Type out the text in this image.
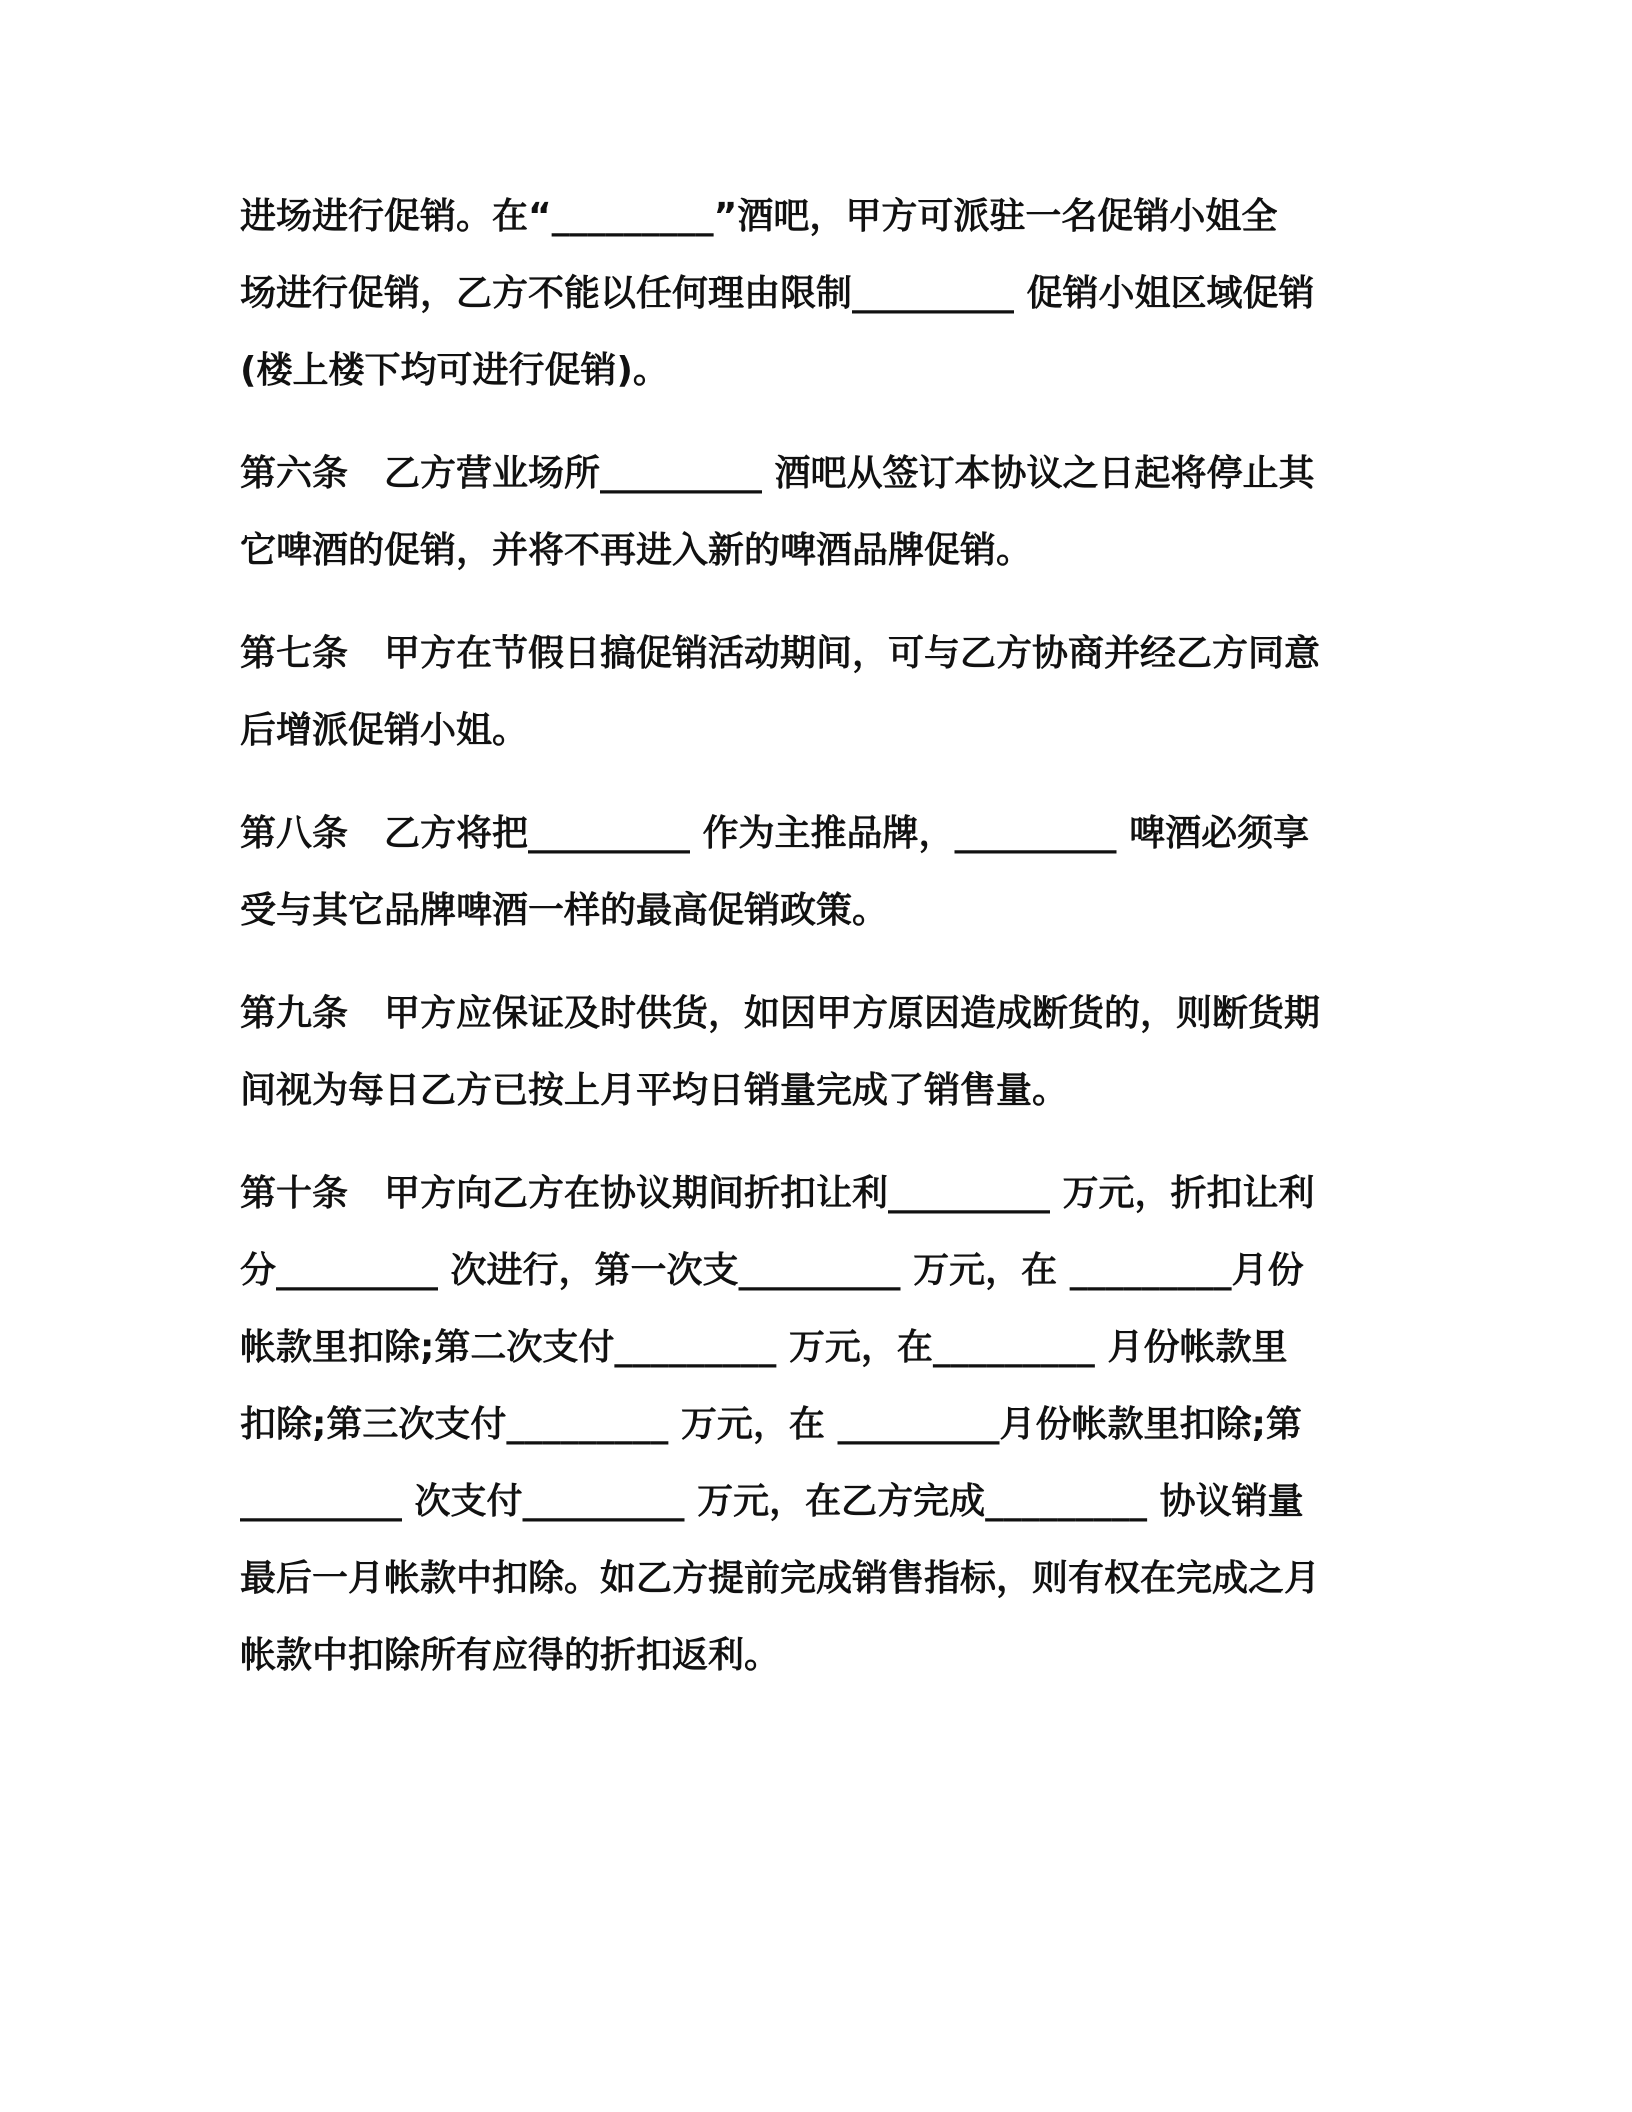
进场进行促销。在“_________”酒吧，甲方可派驻一名促销小姐全
场进行促销，乙方不能以任何理由限制_________ 促销小姐区域促销
(楼上楼下均可进行促销)。
第六条　乙方营业场所_________ 酒吧从签订本协议之日起将停止其
它啤酒的促销，并将不再进入新的啤酒品牌促销。
第七条　甲方在节假日搞促销活动期间，可与乙方协商并经乙方同意
后增派促销小姐。
第八条　乙方将把_________ 作为主推品牌，_________ 啤酒必须享
受与其它品牌啤酒一样的最高促销政策。
第九条　甲方应保证及时供货，如因甲方原因造成断货的，则断货期
间视为每日乙方已按上月平均日销量完成了销售量。
第十条　甲方向乙方在协议期间折扣让利_________ 万元，折扣让利
分_________ 次进行，第一次支_________ 万元，在 _________月份
帐款里扣除;第二次支付_________ 万元，在_________ 月份帐款里
扣除;第三次支付_________ 万元，在 _________月份帐款里扣除;第
_________ 次支付_________ 万元，在乙方完成_________ 协议销量
最后一月帐款中扣除。如乙方提前完成销售指标，则有权在完成之月
帐款中扣除所有应得的折扣返利。
